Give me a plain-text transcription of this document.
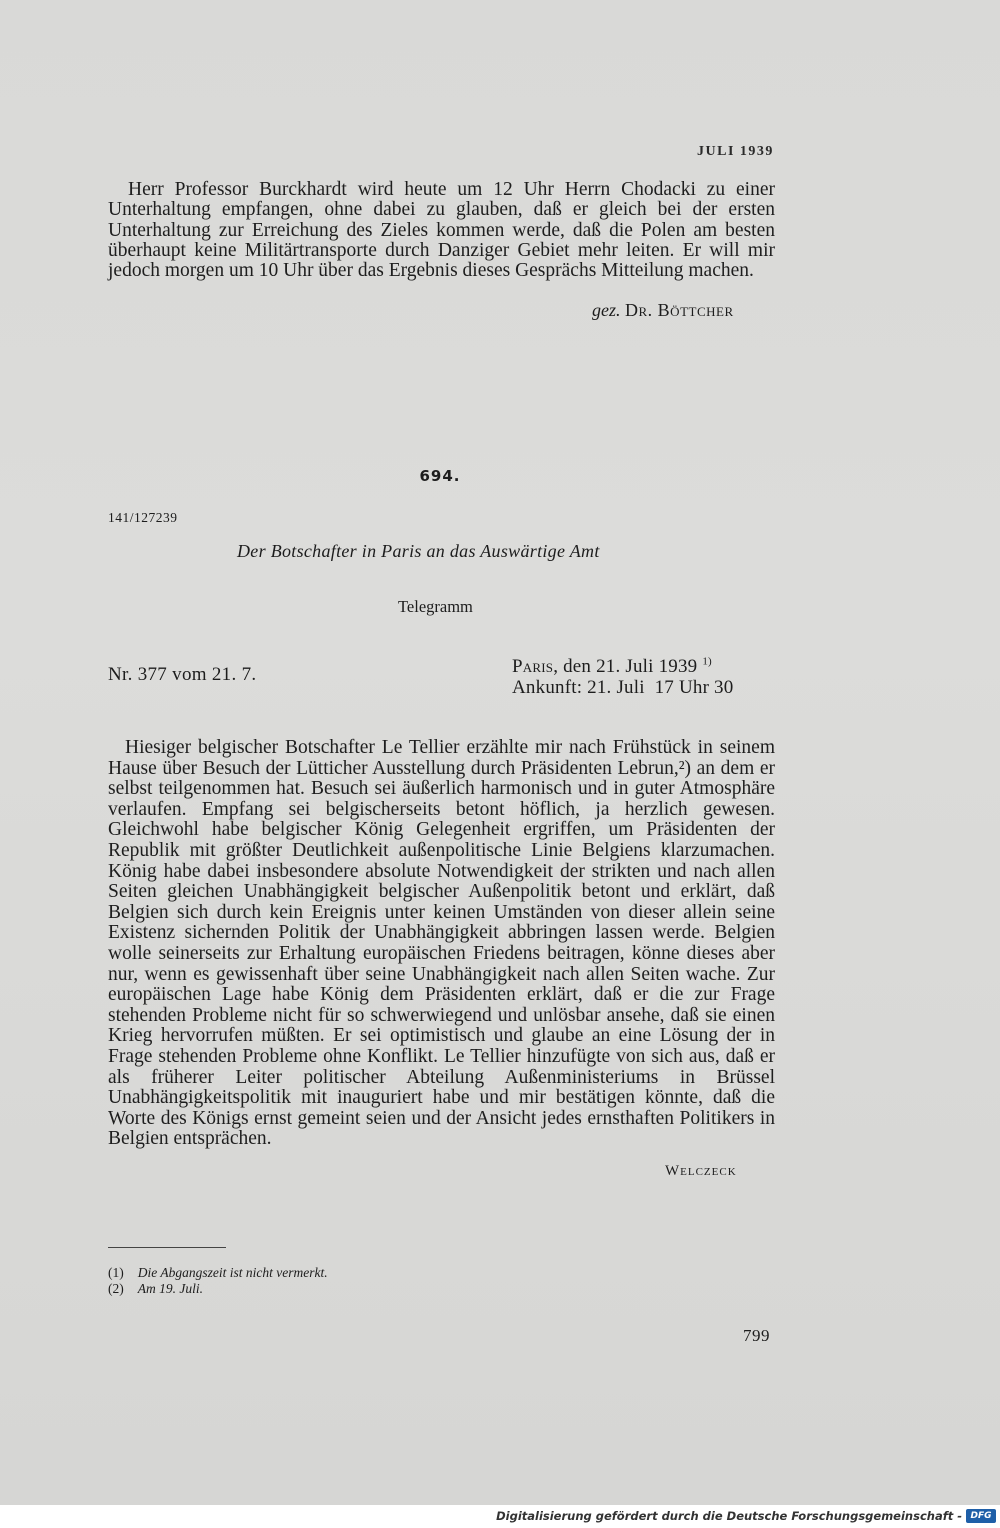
JULI 1939
Herr Professor Burckhardt wird heute um 12 Uhr Herrn Chodacki zu einer Unterhaltung empfangen, ohne dabei zu glauben, daß er gleich bei der ersten Unterhaltung zur Erreichung des Zieles kommen werde, daß die Polen am besten überhaupt keine Militärtransporte durch Danziger Gebiet mehr leiten. Er will mir jedoch morgen um 10 Uhr über das Ergebnis dieses Gesprächs Mitteilung machen.
gez. Dr. Böttcher
694.
141/127239
Der Botschafter in Paris an das Auswärtige Amt
Telegramm
Nr. 377 vom 21. 7.	Paris, den 21. Juli 1939 $^{1)}$
Ankunft: 21. Juli  17 Uhr 30
Hiesiger belgischer Botschafter Le Tellier erzählte mir nach Frühstück in seinem Hause über Besuch der Lütticher Ausstellung durch Präsidenten Lebrun,²) an dem er selbst teilgenommen hat. Besuch sei äußerlich harmonisch und in guter Atmosphäre verlaufen. Empfang sei belgischerseits betont höflich, ja herzlich gewesen. Gleichwohl habe belgischer König Gelegenheit ergriffen, um Präsidenten der Republik mit größter Deutlichkeit außenpolitische Linie Belgiens klarzumachen. König habe dabei insbesondere absolute Notwendigkeit der strikten und nach allen Seiten gleichen Unabhängigkeit belgischer Außenpolitik betont und erklärt, daß Belgien sich durch kein Ereignis unter keinen Umständen von dieser allein seine Existenz sichernden Politik der Unabhängigkeit abbringen lassen werde. Belgien wolle seinerseits zur Erhaltung europäischen Friedens beitragen, könne dieses aber nur, wenn es gewissenhaft über seine Unabhängigkeit nach allen Seiten wache. Zur europäischen Lage habe König dem Präsidenten erklärt, daß er die zur Frage stehenden Probleme nicht für so schwerwiegend und unlösbar ansehe, daß sie einen Krieg hervorrufen müßten. Er sei optimistisch und glaube an eine Lösung der in Frage stehenden Probleme ohne Konflikt. Le Tellier hinzufügte von sich aus, daß er als früherer Leiter politischer Abteilung Außenministeriums in Brüssel Unabhängigkeitspolitik mit inauguriert habe und mir bestätigen könnte, daß die Worte des Königs ernst gemeint seien und der Ansicht jedes ernsthaften Politikers in Belgien entsprächen.
Welczeck
(1) Die Abgangszeit ist nicht vermerkt.
(2) Am 19. Juli.
799
Digitalisierung gefördert durch die Deutsche Forschungsgemeinschaft - DFG
